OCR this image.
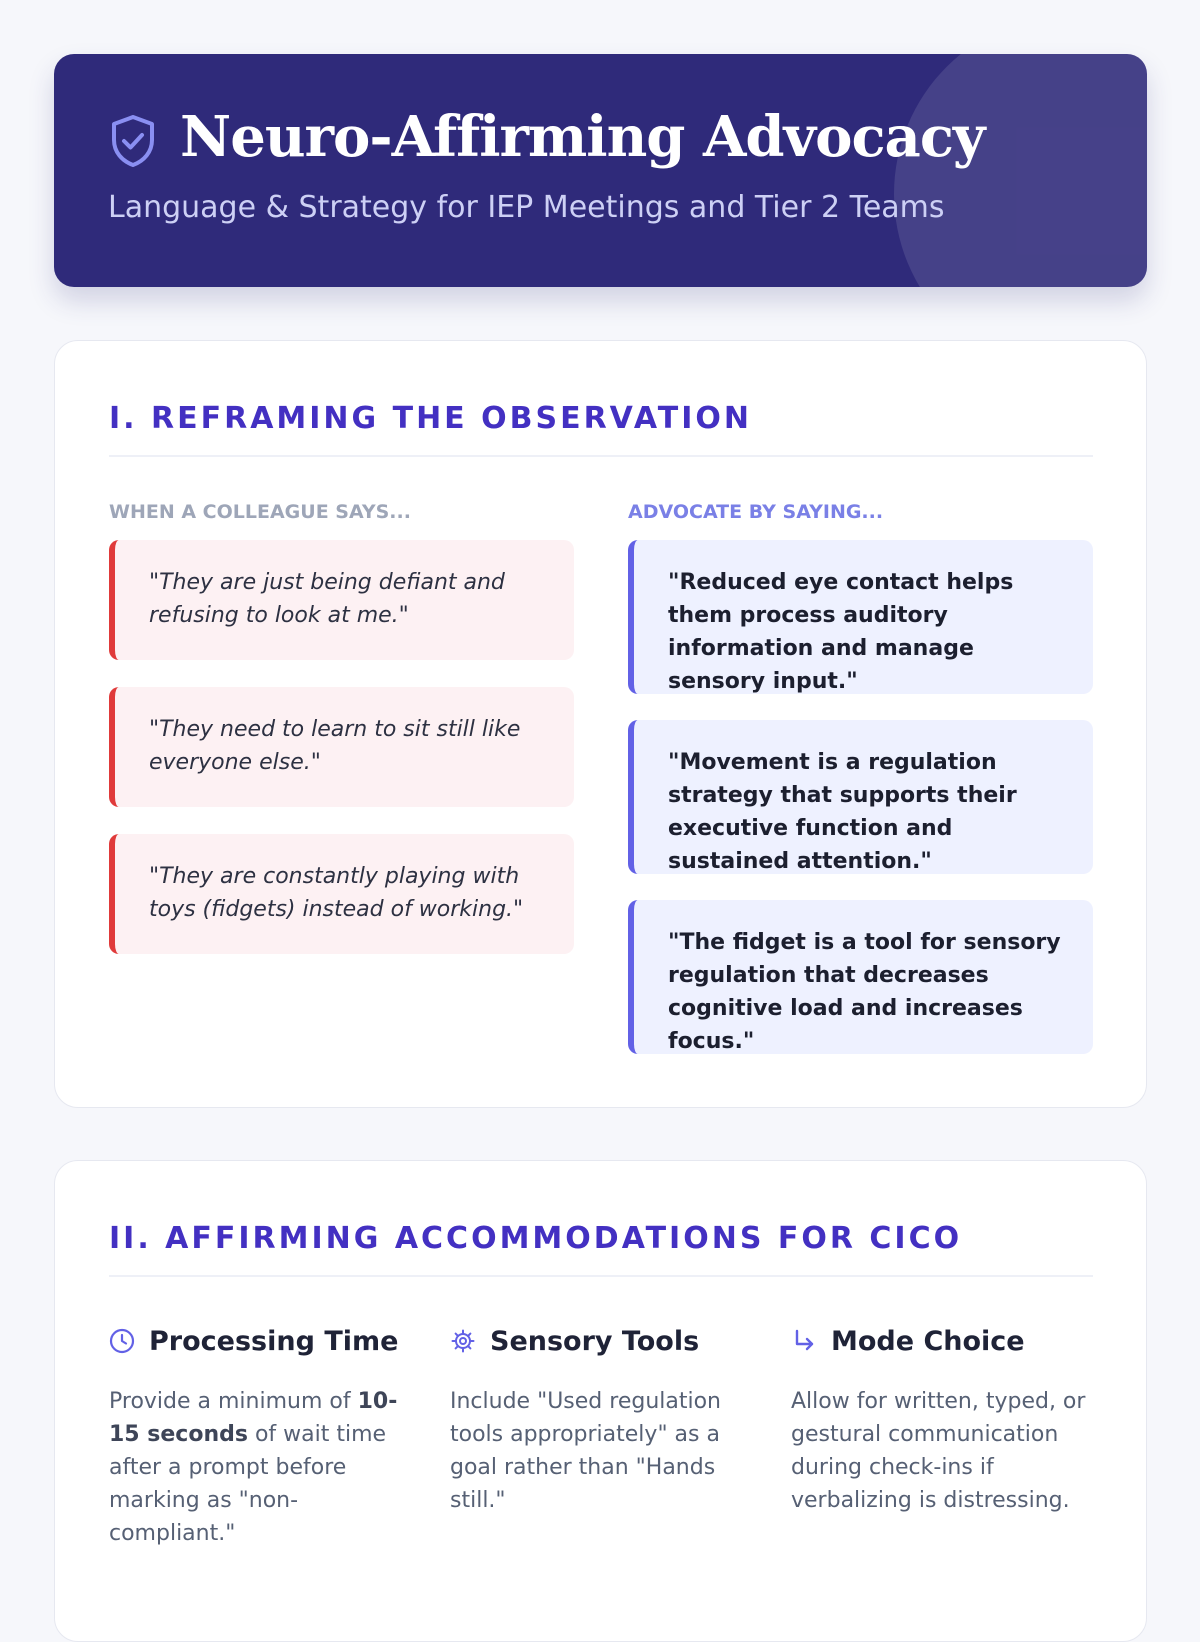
Neuro-Affirming Advocacy
Language & Strategy for IEP Meetings and Tier 2 Teams
I. REFRAMING THE OBSERVATION
WHEN A COLLEAGUE SAYS...	ADVOCATE BY SAYING...
"They are just being defiant and refusing to look at me."
"They need to learn to sit still like everyone else."
"They are constantly playing with toys (fidgets) instead of working."
"Reduced eye contact helps them process auditory information and manage sensory input."
"Movement is a regulation strategy that supports their executive function and sustained attention."
"The fidget is a tool for sensory regulation that decreases cognitive load and increases focus."
II. AFFIRMING ACCOMMODATIONS FOR CICO
Processing Time
Provide a minimum of 10-15 seconds of wait time after a prompt before marking as "non-compliant."
Sensory Tools
Include "Used regulation tools appropriately" as a goal rather than "Hands still."
Mode Choice
Allow for written, typed, or gestural communication during check-ins if verbalizing is distressing.
